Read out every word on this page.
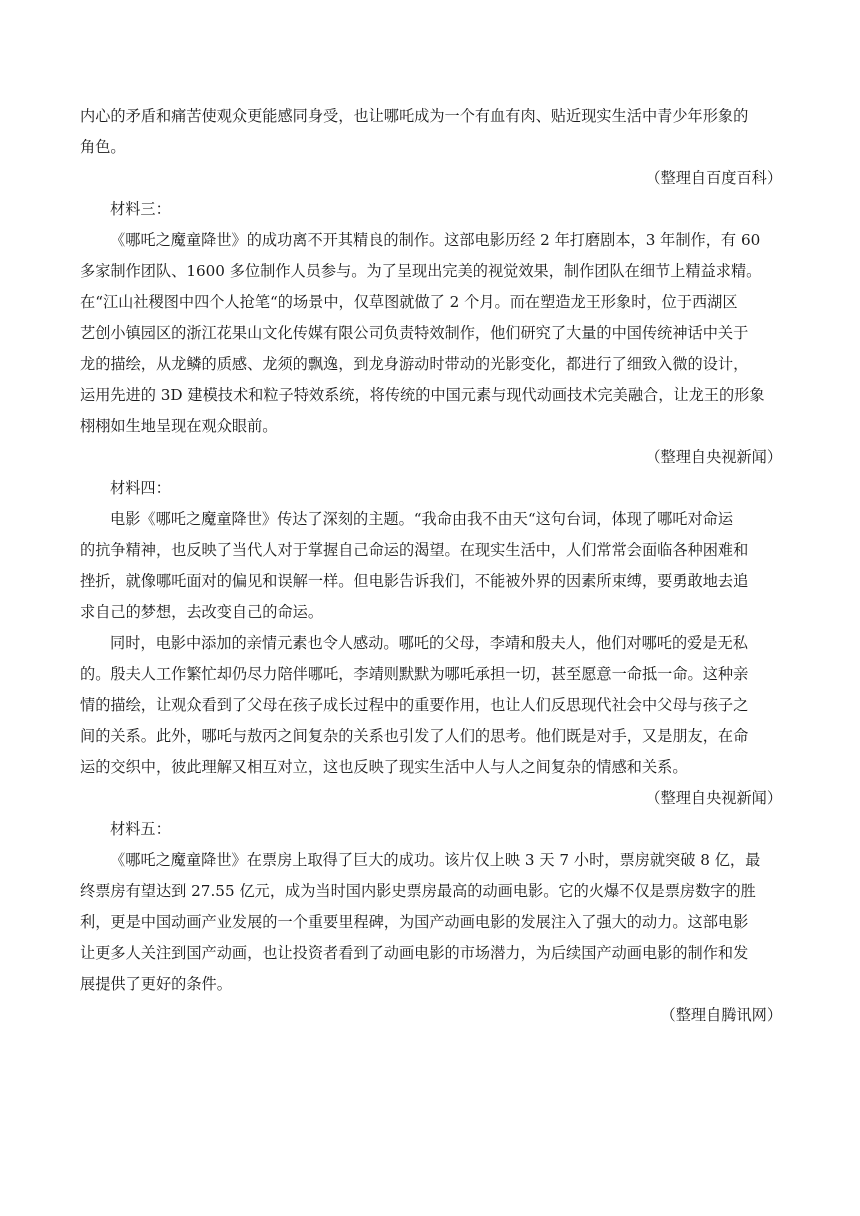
内心的矛盾和痛苦使观众更能感同身受，也让哪吒成为一个有血有肉、贴近现实生活中青少年形象的
角色。

（整理自百度百科）

材料三：

《哪吒之魔童降世》的成功离不开其精良的制作。这部电影历经 2 年打磨剧本，3 年制作，有 60
多家制作团队、1600 多位制作人员参与。为了呈现出完美的视觉效果，制作团队在细节上精益求精。
在“江山社稷图中四个人抢笔“的场景中，仅草图就做了 2 个月。而在塑造龙王形象时，位于西湖区
艺创小镇园区的浙江花果山文化传媒有限公司负责特效制作，他们研究了大量的中国传统神话中关于
龙的描绘，从龙鳞的质感、龙须的飘逸，到龙身游动时带动的光影变化，都进行了细致入微的设计，
运用先进的 3D 建模技术和粒子特效系统，将传统的中国元素与现代动画技术完美融合，让龙王的形象
栩栩如生地呈现在观众眼前。

（整理自央视新闻）

材料四：

电影《哪吒之魔童降世》传达了深刻的主题。“我命由我不由天“这句台词，体现了哪吒对命运
的抗争精神，也反映了当代人对于掌握自己命运的渴望。在现实生活中，人们常常会面临各种困难和
挫折，就像哪吒面对的偏见和误解一样。但电影告诉我们，不能被外界的因素所束缚，要勇敢地去追
求自己的梦想，去改变自己的命运。

同时，电影中添加的亲情元素也令人感动。哪吒的父母，李靖和殷夫人，他们对哪吒的爱是无私
的。殷夫人工作繁忙却仍尽力陪伴哪吒，李靖则默默为哪吒承担一切，甚至愿意一命抵一命。这种亲
情的描绘，让观众看到了父母在孩子成长过程中的重要作用，也让人们反思现代社会中父母与孩子之
间的关系。此外，哪吒与敖丙之间复杂的关系也引发了人们的思考。他们既是对手，又是朋友，在命
运的交织中，彼此理解又相互对立，这也反映了现实生活中人与人之间复杂的情感和关系。

（整理自央视新闻）

材料五：

《哪吒之魔童降世》在票房上取得了巨大的成功。该片仅上映 3 天 7 小时，票房就突破 8 亿，最
终票房有望达到 27.55 亿元，成为当时国内影史票房最高的动画电影。它的火爆不仅是票房数字的胜
利，更是中国动画产业发展的一个重要里程碑，为国产动画电影的发展注入了强大的动力。这部电影
让更多人关注到国产动画，也让投资者看到了动画电影的市场潜力，为后续国产动画电影的制作和发
展提供了更好的条件。

（整理自腾讯网）
